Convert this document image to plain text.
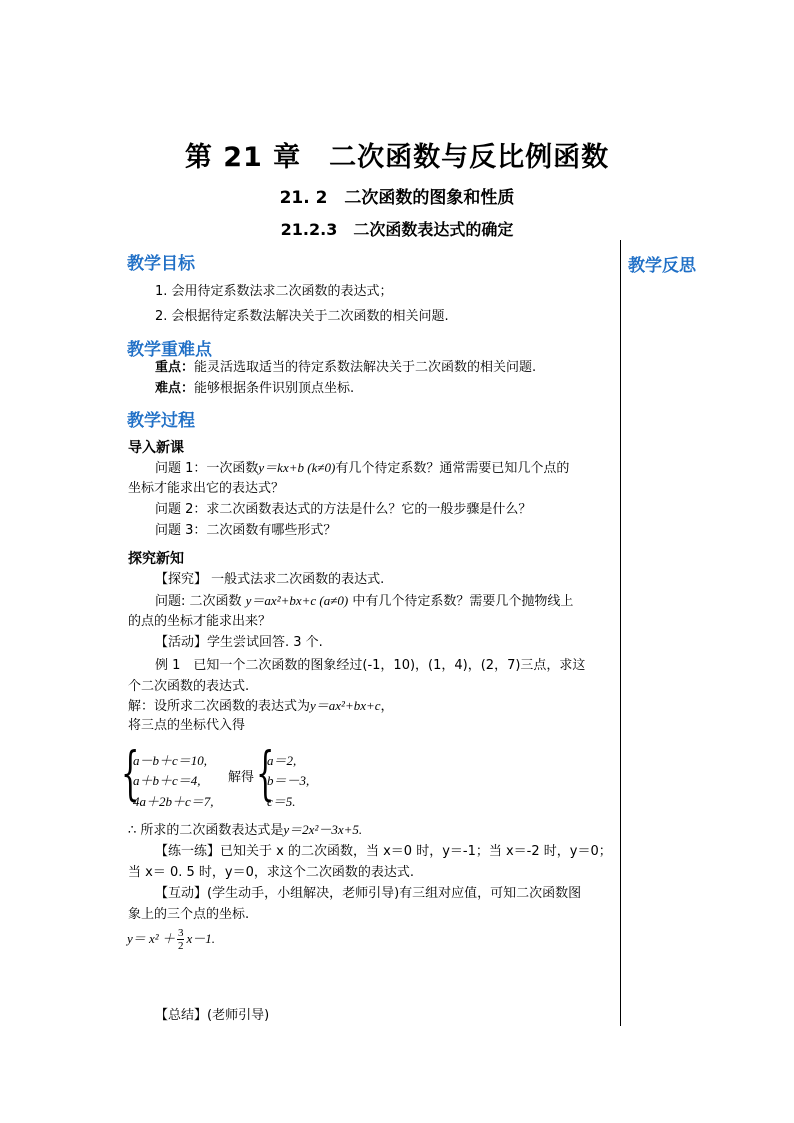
第 21 章　二次函数与反比例函数
21. 2　二次函数的图象和性质
21.2.3　二次函数表达式的确定
教学反思
教学目标
1. 会用待定系数法求二次函数的表达式；
2. 会根据待定系数法解决关于二次函数的相关问题.
教学重难点
重点：能灵活选取适当的待定系数法解决关于二次函数的相关问题.
难点：能够根据条件识别顶点坐标.
教学过程
导入新课
问题 1：一次函数y＝kx+b (k≠0)有几个待定系数？通常需要已知几个点的
坐标才能求出它的表达式？
问题 2：求二次函数表达式的方法是什么？它的一般步骤是什么？
问题 3：二次函数有哪些形式？
探究新知
【探究】 一般式法求二次函数的表达式.
问题: 二次函数 y＝ax²+bx+c (a≠0) 中有几个待定系数？需要几个抛物线上
的点的坐标才能求出来？
【活动】学生尝试回答. 3 个.
例 1　已知一个二次函数的图象经过(-1，10)，(1，4)，(2，7)三点，求这
个二次函数的表达式.
解：设所求二次函数的表达式为y＝ax²+bx+c，
将三点的坐标代入得
{
a－b＋c＝10,
a＋b＋c＝4,
4a＋2b＋c＝7,
解得 {
a＝2,
b＝－3,
c＝5.
∴ 所求的二次函数表达式是y＝2x²－3x+5.
【练一练】已知关于 x 的二次函数，当 x＝0 时，y＝-1；当 x＝-2 时，y＝0；
当 x＝ 0. 5 时，y＝0，求这个二次函数的表达式.
【互动】(学生动手，小组解决，老师引导)有三组对应值，可知二次函数图
象上的三个点的坐标.
$y= x^2 + \frac{3}{2} x-1$.
【总结】(老师引导)
